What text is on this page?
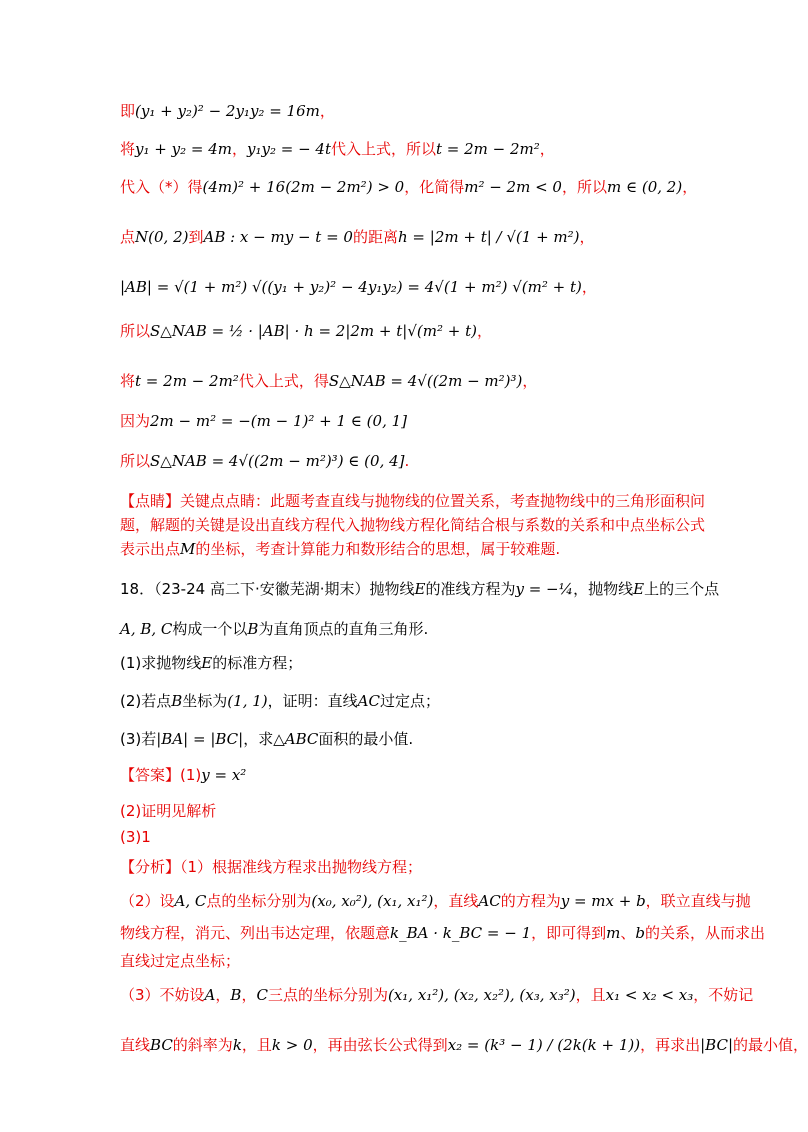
即(y₁ + y₂)² − 2y₁y₂ = 16m，
将y₁ + y₂ = 4m，y₁y₂ = − 4t代入上式，所以t = 2m − 2m²，
代入（*）得(4m)² + 16(2m − 2m²) > 0，化简得m² − 2m < 0，所以m ∈ (0, 2)，
点N(0, 2)到AB : x − my − t = 0的距离h = |2m + t| / √(1 + m²)，
|AB| = √(1 + m²) √((y₁ + y₂)² − 4y₁y₂) = 4√(1 + m²) √(m² + t)，
所以S△NAB = ½ · |AB| · h = 2|2m + t|√(m² + t)，
将t = 2m − 2m²代入上式，得S△NAB = 4√((2m − m²)³)，
因为2m − m² = −(m − 1)² + 1 ∈ (0, 1]
所以S△NAB = 4√((2m − m²)³) ∈ (0, 4].
【点睛】关键点点睛：此题考查直线与抛物线的位置关系，考查抛物线中的三角形面积问
题，解题的关键是设出直线方程代入抛物线方程化简结合根与系数的关系和中点坐标公式
表示出点M的坐标，考查计算能力和数形结合的思想，属于较难题.
18．（23-24 高二下·安徽芜湖·期末）抛物线E的准线方程为y = −¼，抛物线E上的三个点
A, B, C构成一个以B为直角顶点的直角三角形.
(1)求抛物线E的标准方程；
(2)若点B坐标为(1, 1)，证明：直线AC过定点；
(3)若|BA| = |BC|，求△ABC面积的最小值.
【答案】(1)y = x²
(2)证明见解析
(3)1
【分析】（1）根据准线方程求出抛物线方程；
（2）设A, C点的坐标分别为(x₀, x₀²), (x₁, x₁²)，直线AC的方程为y = mx + b，联立直线与抛
物线方程，消元、列出韦达定理，依题意k_BA · k_BC = − 1，即可得到m、b的关系，从而求出
直线过定点坐标；
（3）不妨设A，B，C三点的坐标分别为(x₁, x₁²), (x₂, x₂²), (x₃, x₃²)，且x₁ < x₂ < x₃，不妨记
直线BC的斜率为k，且k > 0，再由弦长公式得到x₂ = (k³ − 1) / (2k(k + 1))，再求出|BC|的最小值，
